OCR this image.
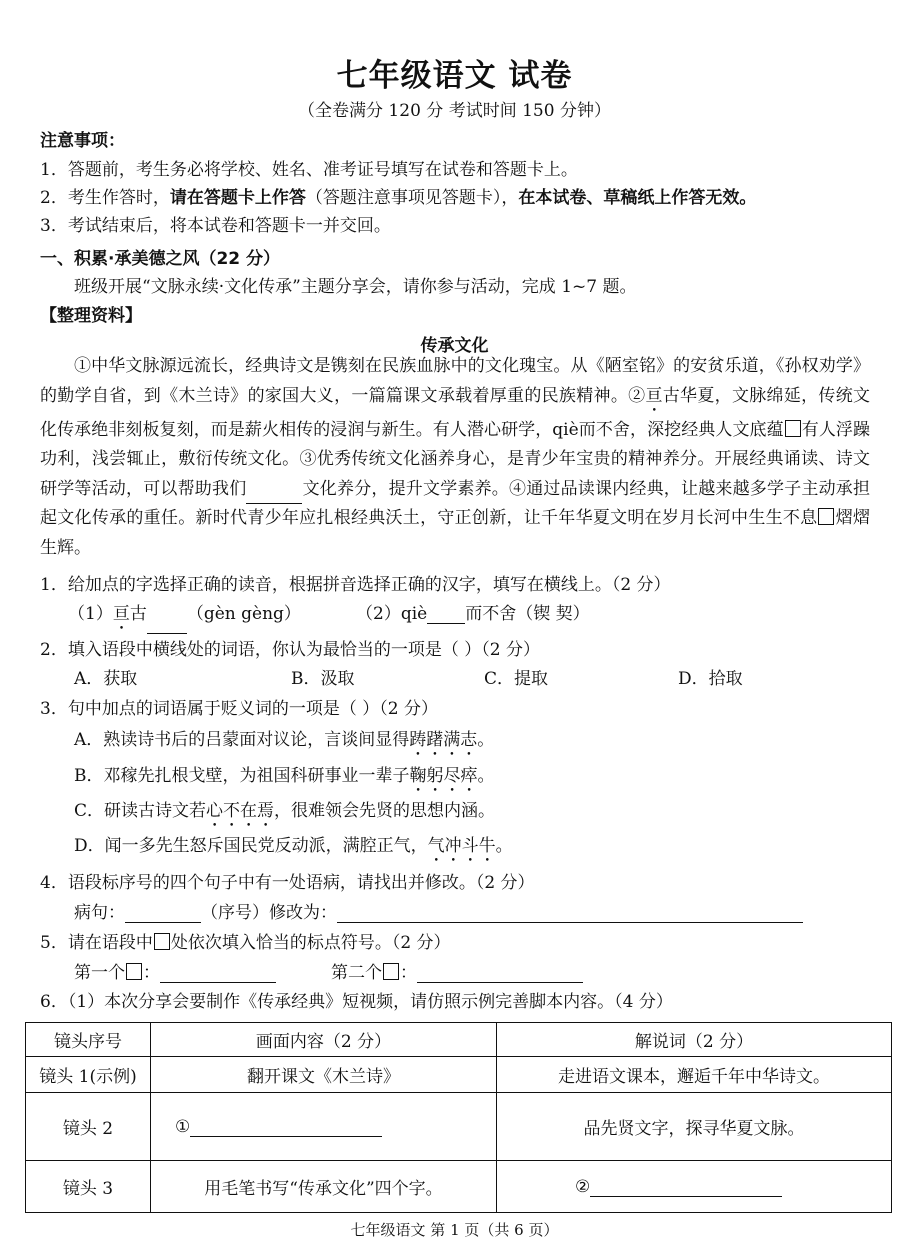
七年级语文 试卷
（全卷满分 120 分 考试时间 150 分钟）
注意事项：
1．答题前，考生务必将学校、姓名、准考证号填写在试卷和答题卡上。
2．考生作答时，请在答题卡上作答（答题注意事项见答题卡），在本试卷、草稿纸上作答无效。
3．考试结束后，将本试卷和答题卡一并交回。
一、积累·承美德之风（22 分）
班级开展“文脉永续·文化传承”主题分享会，请你参与活动，完成 1~7 题。
【整理资料】
传承文化

①中华文脉源远流长，经典诗文是镌刻在民族血脉中的文化瑰宝。从《陋室铭》的安贫乐道，《孙权劝学》的勤学自省，到《木兰诗》的家国大义，一篇篇课文承载着厚重的民族精神。②亘古华夏，文脉绵延，传统文化传承绝非刻板复刻，而是薪火相传的浸润与新生。有人潜心研学，qiè而不舍，深挖经典人文底蕴 有人浮躁功利，浅尝辄止，敷衍传统文化。③优秀传统文化涵养身心，是青少年宝贵的精神养分。开展经典诵读、诗文研学等活动，可以帮助我们	文化养分，提升文学素养。④通过品读课内经典，让越来越多学子主动承担起文化传承的重任。新时代青少年应扎根经典沃土，守正创新，让千年华夏文明在岁月长河中生生不息 熠熠生辉。

1．给加点的字选择正确的读音，根据拼音选择正确的汉字，填写在横线上。（2 分）
（1）亘古 （gèn gèng）	（2）qiè 而不舍（锲 契）
2．填入语段中横线处的词语，你认为最恰当的一项是（ ）（2 分）
A．获取	B．汲取	C．提取	D．拾取
3．句中加点的词语属于贬义词的一项是（ ）（2 分）
A．熟读诗书后的吕蒙面对议论，言谈间显得踌躇满志。
B．邓稼先扎根戈壁，为祖国科研事业一辈子鞠躬尽瘁。
C．研读古诗文若心不在焉，很难领会先贤的思想内涵。
D．闻一多先生怒斥国民党反动派，满腔正气，气冲斗牛。
4．语段标序号的四个句子中有一处语病，请找出并修改。（2 分）
病句：	（序号）修改为：
5．请在语段中 处依次填入恰当的标点符号。（2 分）
第一个 ：	第二个 ：
6．（1）本次分享会要制作《传承经典》短视频，请仿照示例完善脚本内容。（4 分）
镜头序号	画面内容（2 分）	解说词（2 分）
镜头 1(示例)	翻开课文《木兰诗》	走进语文课本，邂逅千年中华诗文。
镜头 2	①	品先贤文字，探寻华夏文脉。
镜头 3	用毛笔书写“传承文化”四个字。	②
七年级语文 第 1 页（共 6 页）
